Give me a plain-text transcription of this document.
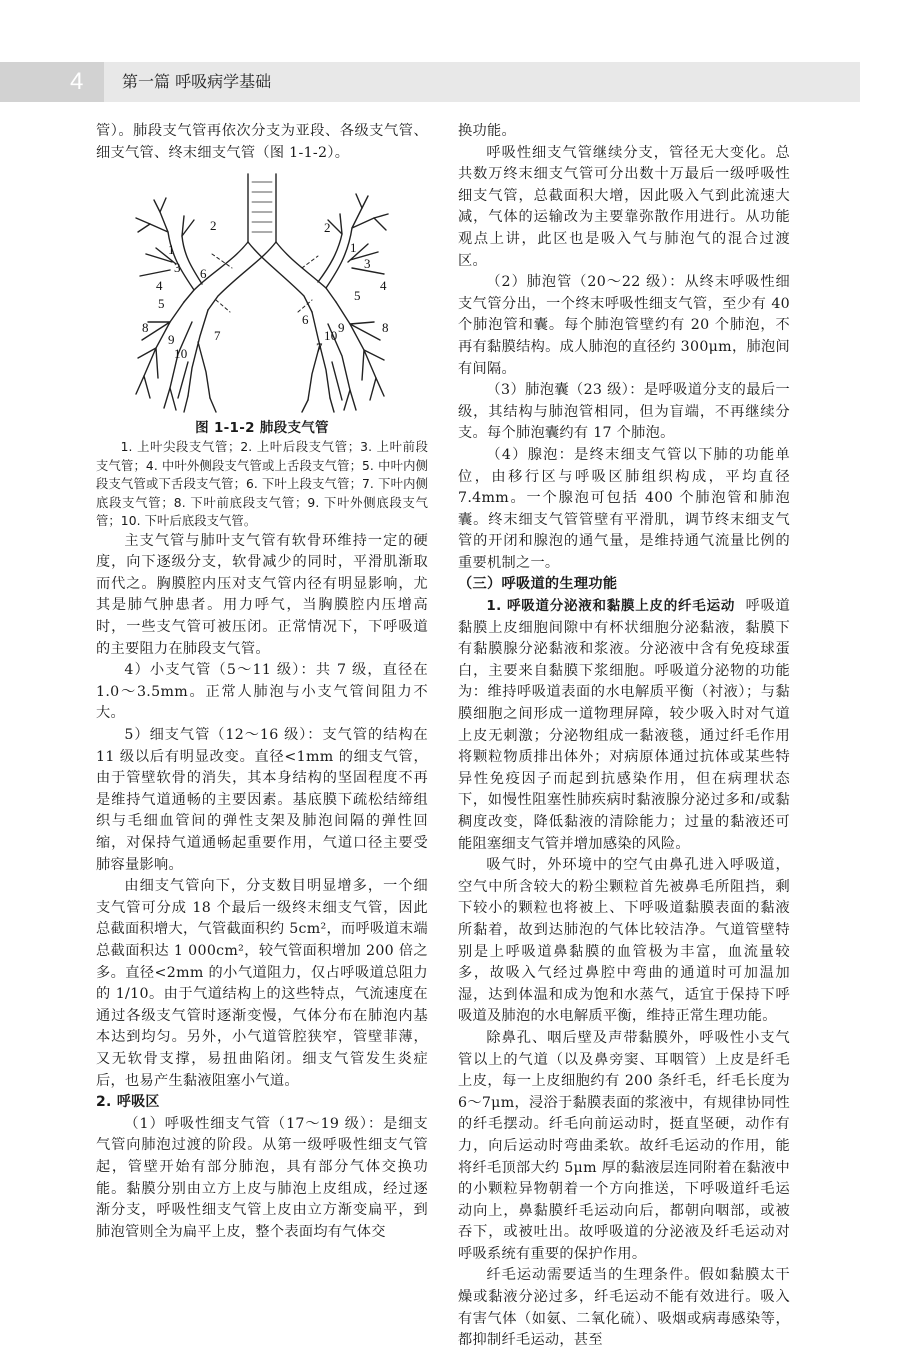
4	第一篇 呼吸病学基础

管）。肺段支气管再依次分支为亚段、各级支气管、细支气管、终末细支气管（图 1-1-2）。

1
2
3
4
5
6
7
8
9
10
1
2
3
4
5
6
7
8
9
10
图 1-1-2 肺段支气管

1. 上叶尖段支气管；2. 上叶后段支气管；3. 上叶前段支气管；4. 中叶外侧段支气管或上舌段支气管；5. 中叶内侧段支气管或下舌段支气管；6. 下叶上段支气管；7. 下叶内侧底段支气管；8. 下叶前底段支气管；9. 下叶外侧底段支气管；10. 下叶后底段支气管。

主支气管与肺叶支气管有软骨环维持一定的硬度，向下逐级分支，软骨减少的同时，平滑肌渐取而代之。胸膜腔内压对支气管内径有明显影响，尤其是肺气肿患者。用力呼气，当胸膜腔内压增高时，一些支气管可被压闭。正常情况下，下呼吸道的主要阻力在肺段支气管。

4）小支气管（5～11 级）：共 7 级，直径在 1.0～3.5mm。正常人肺泡与小支气管间阻力不大。

5）细支气管（12～16 级）：支气管的结构在 11 级以后有明显改变。直径<1mm 的细支气管，由于管壁软骨的消失，其本身结构的坚固程度不再是维持气道通畅的主要因素。基底膜下疏松结缔组织与毛细血管间的弹性支架及肺泡间隔的弹性回缩，对保持气道通畅起重要作用，气道口径主要受肺容量影响。

由细支气管向下，分支数目明显增多，一个细支气管可分成 18 个最后一级终末细支气管，因此总截面积增大，气管截面积约 5cm²，而呼吸道末端总截面积达 1 000cm²，较气管面积增加 200 倍之多。直径<2mm 的小气道阻力，仅占呼吸道总阻力的 1/10。由于气道结构上的这些特点，气流速度在通过各级支气管时逐渐变慢，气体分布在肺泡内基本达到均匀。另外，小气道管腔狭窄，管壁菲薄，又无软骨支撑，易扭曲陷闭。细支气管发生炎症后，也易产生黏液阻塞小气道。

2. 呼吸区

（1）呼吸性细支气管（17～19 级）：是细支气管向肺泡过渡的阶段。从第一级呼吸性细支气管起，管壁开始有部分肺泡，具有部分气体交换功能。黏膜分别由立方上皮与肺泡上皮组成，经过逐渐分支，呼吸性细支气管上皮由立方渐变扁平，到肺泡管则全为扁平上皮，整个表面均有气体交

换功能。

呼吸性细支气管继续分支，管径无大变化。总共数万终末细支气管可分出数十万最后一级呼吸性细支气管，总截面积大增，因此吸入气到此流速大减，气体的运输改为主要靠弥散作用进行。从功能观点上讲，此区也是吸入气与肺泡气的混合过渡区。

（2）肺泡管（20～22 级）：从终末呼吸性细支气管分出，一个终末呼吸性细支气管，至少有 40 个肺泡管和囊。每个肺泡管壁约有 20 个肺泡，不再有黏膜结构。成人肺泡的直径约 300μm，肺泡间有间隔。

（3）肺泡囊（23 级）：是呼吸道分支的最后一级，其结构与肺泡管相同，但为盲端，不再继续分支。每个肺泡囊约有 17 个肺泡。

（4）腺泡：是终末细支气管以下肺的功能单位，由移行区与呼吸区肺组织构成，平均直径 7.4mm。一个腺泡可包括 400 个肺泡管和肺泡囊。终末细支气管管壁有平滑肌，调节终末细支气管的开闭和腺泡的通气量，是维持通气流量比例的重要机制之一。

（三）呼吸道的生理功能

1. 呼吸道分泌液和黏膜上皮的纤毛运动 呼吸道黏膜上皮细胞间隙中有杯状细胞分泌黏液，黏膜下有黏膜腺分泌黏液和浆液。分泌液中含有免疫球蛋白，主要来自黏膜下浆细胞。呼吸道分泌物的功能为：维持呼吸道表面的水电解质平衡（衬液）；与黏膜细胞之间形成一道物理屏障，较少吸入时对气道上皮无刺激；分泌物组成一黏液毯，通过纤毛作用将颗粒物质排出体外；对病原体通过抗体或某些特异性免疫因子而起到抗感染作用，但在病理状态下，如慢性阻塞性肺疾病时黏液腺分泌过多和/或黏稠度改变，降低黏液的清除能力；过量的黏液还可能阻塞细支气管并增加感染的风险。

吸气时，外环境中的空气由鼻孔进入呼吸道，空气中所含较大的粉尘颗粒首先被鼻毛所阻挡，剩下较小的颗粒也将被上、下呼吸道黏膜表面的黏液所黏着，故到达肺泡的气体比较洁净。气道管壁特别是上呼吸道鼻黏膜的血管极为丰富，血流量较多，故吸入气经过鼻腔中弯曲的通道时可加温加湿，达到体温和成为饱和水蒸气，适宜于保持下呼吸道及肺泡的水电解质平衡，维持正常生理功能。

除鼻孔、咽后壁及声带黏膜外，呼吸性小支气管以上的气道（以及鼻旁窦、耳咽管）上皮是纤毛上皮，每一上皮细胞约有 200 条纤毛，纤毛长度为 6～7μm，浸浴于黏膜表面的浆液中，有规律协同性的纤毛摆动。纤毛向前运动时，挺直坚硬，动作有力，向后运动时弯曲柔软。故纤毛运动的作用，能将纤毛顶部大约 5μm 厚的黏液层连同附着在黏液中的小颗粒异物朝着一个方向推送，下呼吸道纤毛运动向上，鼻黏膜纤毛运动向后，都朝向咽部，或被吞下，或被吐出。故呼吸道的分泌液及纤毛运动对呼吸系统有重要的保护作用。

纤毛运动需要适当的生理条件。假如黏膜太干燥或黏液分泌过多，纤毛运动不能有效进行。吸入有害气体（如氨、二氧化硫）、吸烟或病毒感染等，都抑制纤毛运动，甚至
